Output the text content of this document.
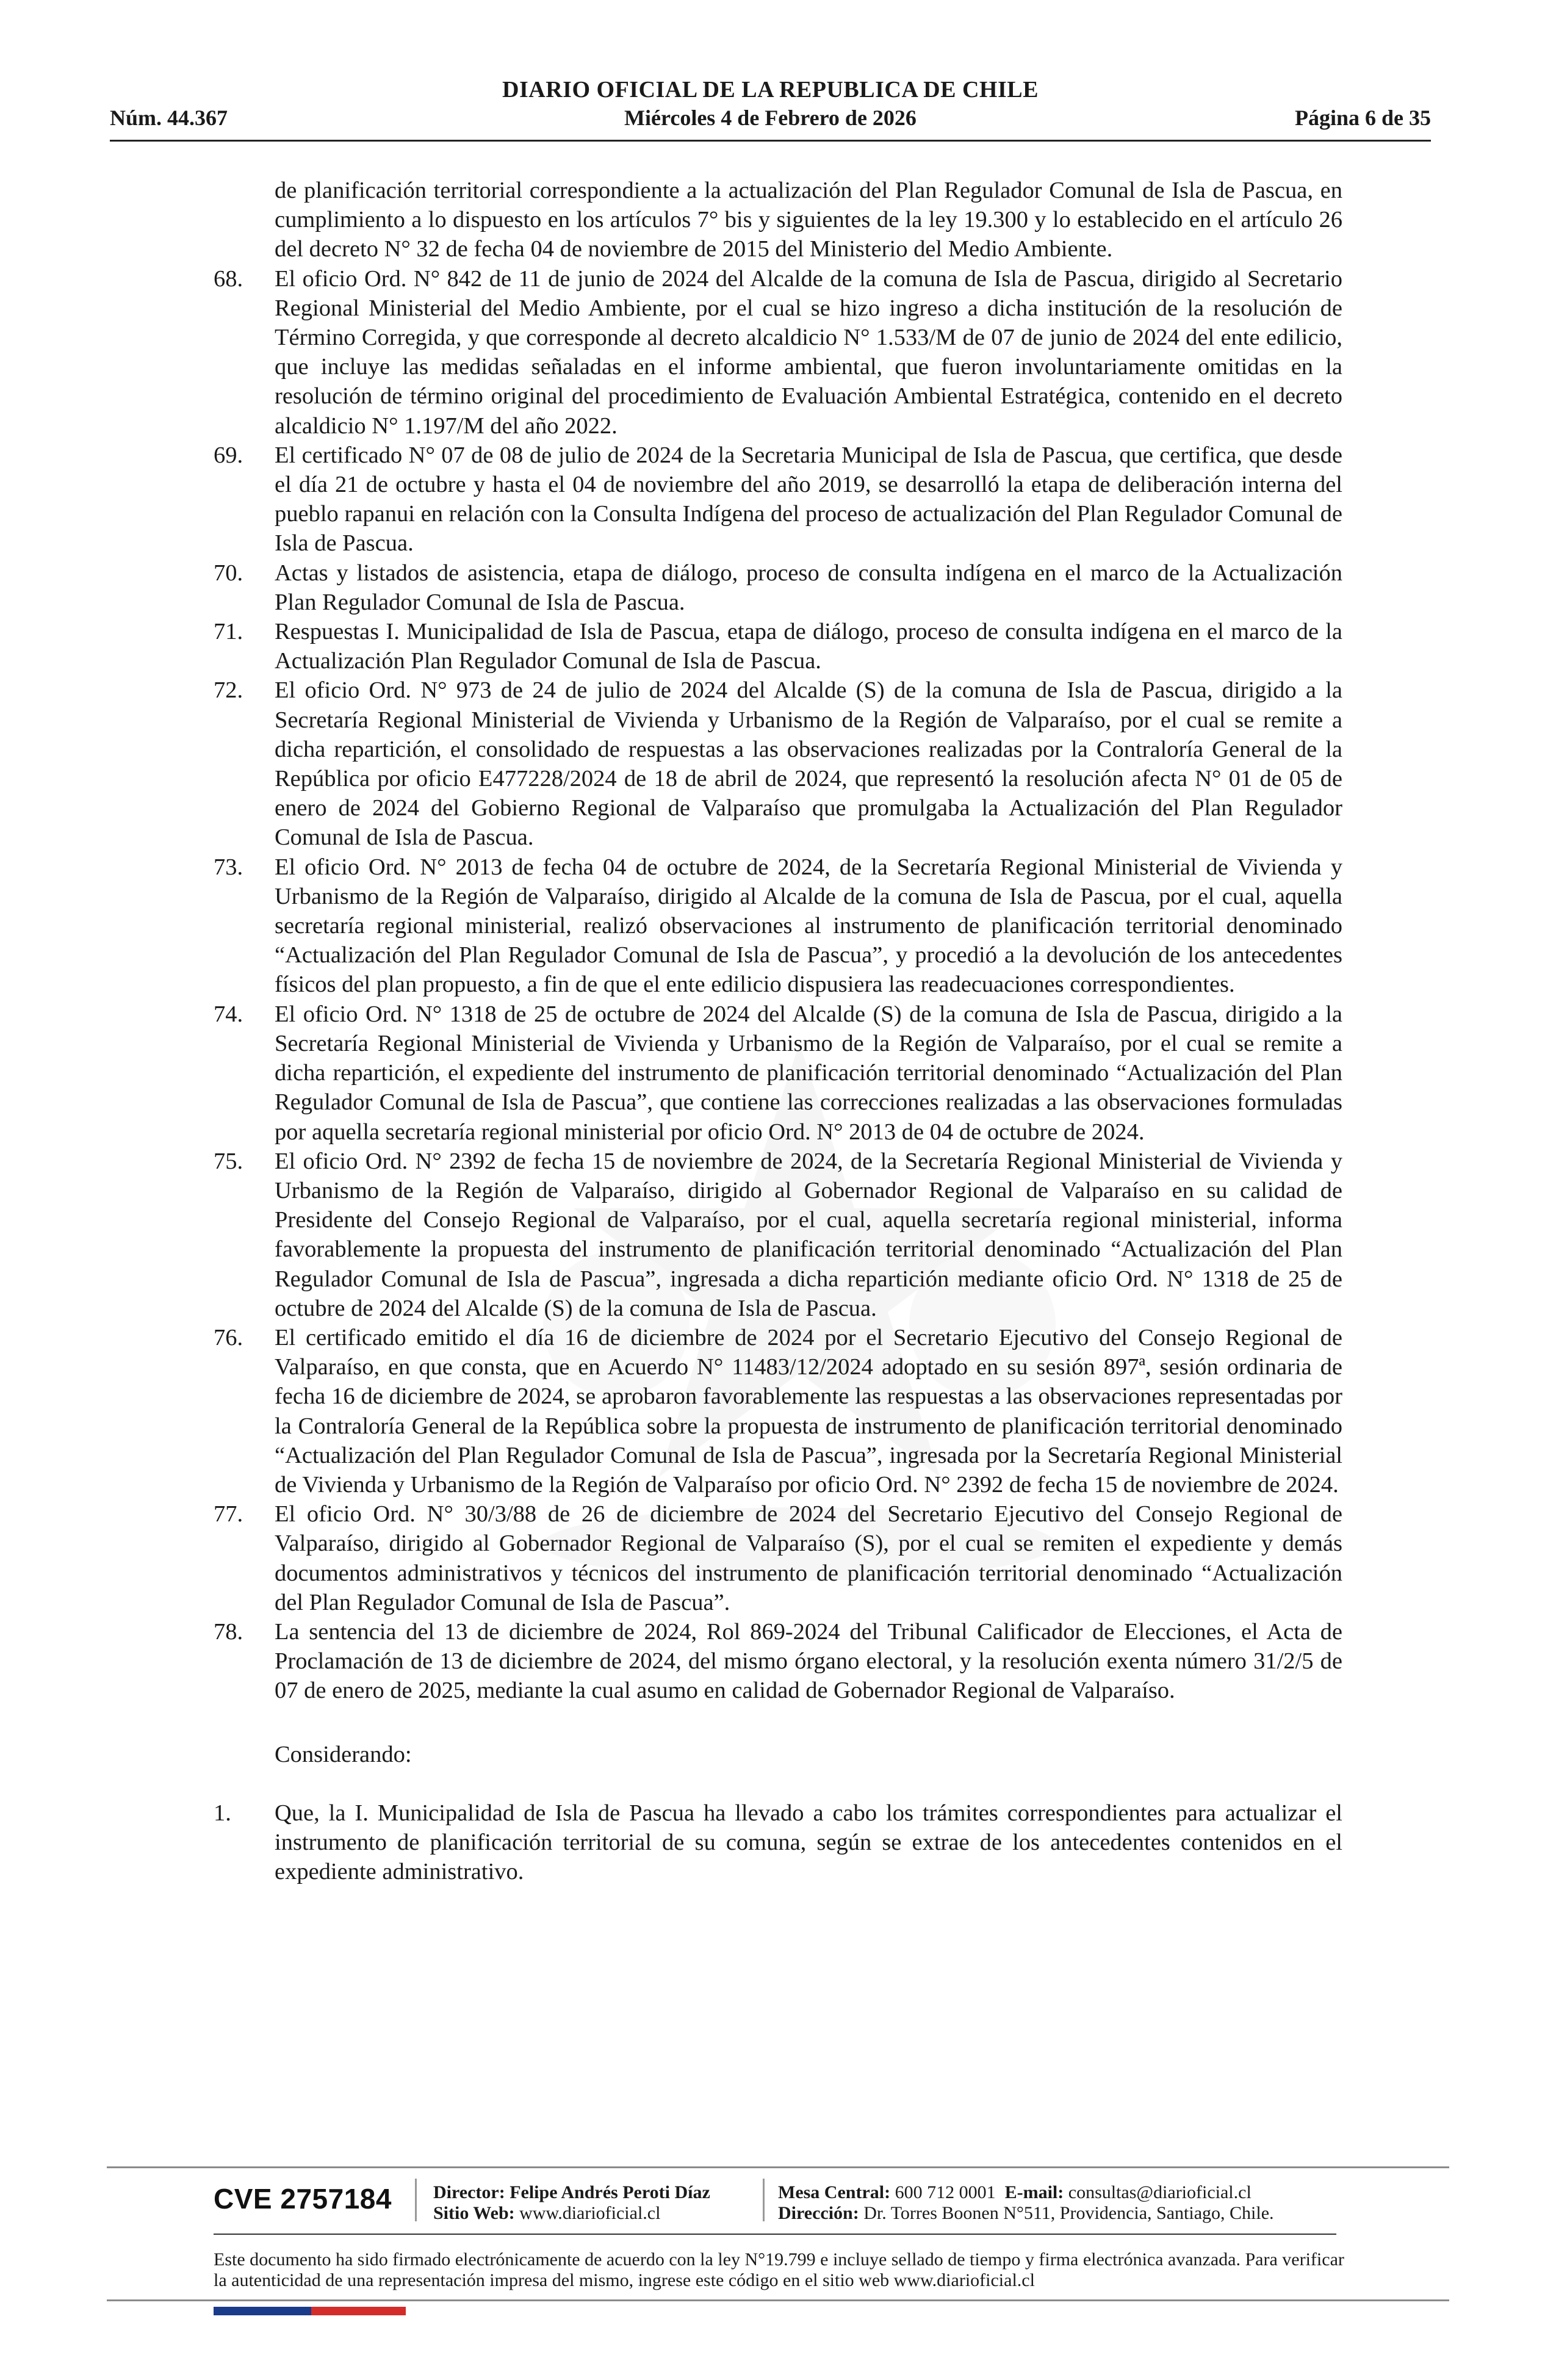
DIARIO OFICIAL DE LA REPUBLICA DE CHILE
Núm. 44.367	Miércoles 4 de Febrero de 2026	Página 6 de 35
de planificación territorial correspondiente a la actualización del Plan Regulador Comunal de Isla de Pascua, en cumplimiento a lo dispuesto en los artículos 7° bis y siguientes de la ley 19.300 y lo establecido en el artículo 26 del decreto N° 32 de fecha 04 de noviembre de 2015 del Ministerio del Medio Ambiente.
68.	El oficio Ord. N° 842 de 11 de junio de 2024 del Alcalde de la comuna de Isla de Pascua, dirigido al Secretario Regional Ministerial del Medio Ambiente, por el cual se hizo ingreso a dicha institución de la resolución de Término Corregida, y que corresponde al decreto alcaldicio N° 1.533/M de 07 de junio de 2024 del ente edilicio, que incluye las medidas señaladas en el informe ambiental, que fueron involuntariamente omitidas en la resolución de término original del procedimiento de Evaluación Ambiental Estratégica, contenido en el decreto alcaldicio N° 1.197/M del año 2022.
69.	El certificado N° 07 de 08 de julio de 2024 de la Secretaria Municipal de Isla de Pascua, que certifica, que desde el día 21 de octubre y hasta el 04 de noviembre del año 2019, se desarrolló la etapa de deliberación interna del pueblo rapanui en relación con la Consulta Indígena del proceso de actualización del Plan Regulador Comunal de Isla de Pascua.
70.	Actas y listados de asistencia, etapa de diálogo, proceso de consulta indígena en el marco de la Actualización Plan Regulador Comunal de Isla de Pascua.
71.	Respuestas I. Municipalidad de Isla de Pascua, etapa de diálogo, proceso de consulta indígena en el marco de la Actualización Plan Regulador Comunal de Isla de Pascua.
72.	El oficio Ord. N° 973 de 24 de julio de 2024 del Alcalde (S) de la comuna de Isla de Pascua, dirigido a la Secretaría Regional Ministerial de Vivienda y Urbanismo de la Región de Valparaíso, por el cual se remite a dicha repartición, el consolidado de respuestas a las observaciones realizadas por la Contraloría General de la República por oficio E477228/2024 de 18 de abril de 2024, que representó la resolución afecta N° 01 de 05 de enero de 2024 del Gobierno Regional de Valparaíso que promulgaba la Actualización del Plan Regulador Comunal de Isla de Pascua.
73.	El oficio Ord. N° 2013 de fecha 04 de octubre de 2024, de la Secretaría Regional Ministerial de Vivienda y Urbanismo de la Región de Valparaíso, dirigido al Alcalde de la comuna de Isla de Pascua, por el cual, aquella secretaría regional ministerial, realizó observaciones al instrumento de planificación territorial denominado “Actualización del Plan Regulador Comunal de Isla de Pascua”, y procedió a la devolución de los antecedentes físicos del plan propuesto, a fin de que el ente edilicio dispusiera las readecuaciones correspondientes.
74.	El oficio Ord. N° 1318 de 25 de octubre de 2024 del Alcalde (S) de la comuna de Isla de Pascua, dirigido a la Secretaría Regional Ministerial de Vivienda y Urbanismo de la Región de Valparaíso, por el cual se remite a dicha repartición, el expediente del instrumento de planificación territorial denominado “Actualización del Plan Regulador Comunal de Isla de Pascua”, que contiene las correcciones realizadas a las observaciones formuladas por aquella secretaría regional ministerial por oficio Ord. N° 2013 de 04 de octubre de 2024.
75.	El oficio Ord. N° 2392 de fecha 15 de noviembre de 2024, de la Secretaría Regional Ministerial de Vivienda y Urbanismo de la Región de Valparaíso, dirigido al Gobernador Regional de Valparaíso en su calidad de Presidente del Consejo Regional de Valparaíso, por el cual, aquella secretaría regional ministerial, informa favorablemente la propuesta del instrumento de planificación territorial denominado “Actualización del Plan Regulador Comunal de Isla de Pascua”, ingresada a dicha repartición mediante oficio Ord. N° 1318 de 25 de octubre de 2024 del Alcalde (S) de la comuna de Isla de Pascua.
76.	El certificado emitido el día 16 de diciembre de 2024 por el Secretario Ejecutivo del Consejo Regional de Valparaíso, en que consta, que en Acuerdo N° 11483/12/2024 adoptado en su sesión 897ª, sesión ordinaria de fecha 16 de diciembre de 2024, se aprobaron favorablemente las respuestas a las observaciones representadas por la Contraloría General de la República sobre la propuesta de instrumento de planificación territorial denominado “Actualización del Plan Regulador Comunal de Isla de Pascua”, ingresada por la Secretaría Regional Ministerial de Vivienda y Urbanismo de la Región de Valparaíso por oficio Ord. N° 2392 de fecha 15 de noviembre de 2024.
77.	El oficio Ord. N° 30/3/88 de 26 de diciembre de 2024 del Secretario Ejecutivo del Consejo Regional de Valparaíso, dirigido al Gobernador Regional de Valparaíso (S), por el cual se remiten el expediente y demás documentos administrativos y técnicos del instrumento de planificación territorial denominado “Actualización del Plan Regulador Comunal de Isla de Pascua”.
78.	La sentencia del 13 de diciembre de 2024, Rol 869-2024 del Tribunal Calificador de Elecciones, el Acta de Proclamación de 13 de diciembre de 2024, del mismo órgano electoral, y la resolución exenta número 31/2/5 de 07 de enero de 2025, mediante la cual asumo en calidad de Gobernador Regional de Valparaíso.
Considerando:
1.	Que, la I. Municipalidad de Isla de Pascua ha llevado a cabo los trámites correspondientes para actualizar el instrumento de planificación territorial de su comuna, según se extrae de los antecedentes contenidos en el expediente administrativo.
CVE 2757184 Director: Felipe Andrés Peroti Díaz
Sitio Web: www.diarioficial.cl
Mesa Central: 600 712 0001 E-mail: consultas@diarioficial.cl
Dirección: Dr. Torres Boonen N°511, Providencia, Santiago, Chile.
Este documento ha sido firmado electrónicamente de acuerdo con la ley N°19.799 e incluye sellado de tiempo y firma electrónica avanzada. Para verificar la autenticidad de una representación impresa del mismo, ingrese este código en el sitio web www.diarioficial.cl
